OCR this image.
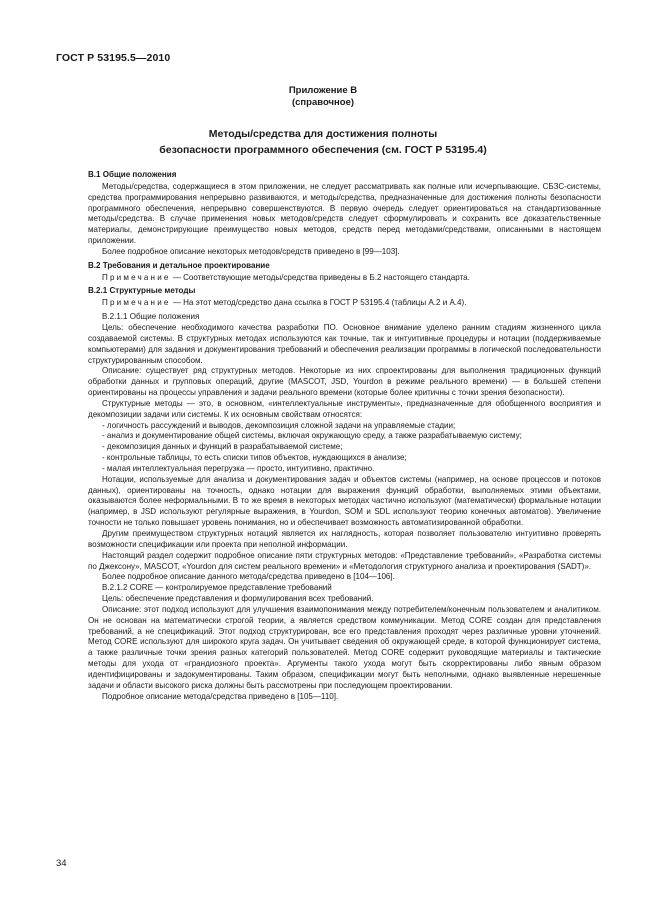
ГОСТ Р 53195.5—2010
Приложение В
(справочное)
Методы/средства для достижения полноты
безопасности программного обеспечения (см. ГОСТ Р 53195.4)

В.1 Общие положения

Методы/средства, содержащиеся в этом приложении, не следует рассматривать как полные или исчерпывающие. СБЗС-системы, средства программирования непрерывно развиваются, и методы/средства, предназначенные для достижения полноты безопасности программного обеспечения, непрерывно совершенствуются. В первую очередь следует ориентироваться на стандартизованные методы/средства. В случае применения новых методов/средств следует сформулировать и сохранить все доказательственные материалы, демонстрирующие преимущество новых методов, средств перед методами/средствами, описанными в настоящем приложении.

Более подробное описание некоторых методов/средств приведено в [99—103].

В.2 Требования и детальное проектирование

Примечание — Соответствующие методы/средства приведены в Б.2 настоящего стандарта.

В.2.1 Структурные методы

Примечание — На этот метод/средство дана ссылка в ГОСТ Р 53195.4 (таблицы А.2 и А.4).

В.2.1.1 Общие положения

Цель: обеспечение необходимого качества разработки ПО. Основное внимание уделено ранним стадиям жизненного цикла создаваемой системы. В структурных методах используются как точные, так и интуитивные процедуры и нотации (поддерживаемые компьютерами) для задания и документирования требований и обеспечения реализации программы в логической последовательности структурированным способом.

Описание: существует ряд структурных методов. Некоторые из них спроектированы для выполнения традиционных функций обработки данных и групповых операций, другие (MASCOT, JSD, Yourdon в режиме реального времени) — в большей степени ориентированы на процессы управления и задачи реального времени (которые более критичны с точки зрения безопасности).

Структурные методы — это, в основном, «интеллектуальные инструменты», предназначенные для обобщенного восприятия и декомпозиции задачи или системы. К их основным свойствам относятся:

- логичность рассуждений и выводов, декомпозиция сложной задачи на управляемые стадии;

- анализ и документирование общей системы, включая окружающую среду, а также разрабатываемую систему;

- декомпозиция данных и функций в разрабатываемой системе;

- контрольные таблицы, то есть списки типов объектов, нуждающихся в анализе;

- малая интеллектуальная перегрузка — просто, интуитивно, практично.

Нотации, используемые для анализа и документирования задач и объектов системы (например, на основе процессов и потоков данных), ориентированы на точность, однако нотации для выражения функций обработки, выполняемых этими объектами, оказываются более неформальными. В то же время в некоторых методах частично используют (математически) формальные нотации (например, в JSD используют регулярные выражения, в Yourdon, SOM и SDL используют теорию конечных автоматов). Увеличение точности не только повышает уровень понимания, но и обеспечивает возможность автоматизированной обработки.

Другим преимуществом структурных нотаций является их наглядность, которая позволяет пользователю интуитивно проверять возможности спецификации или проекта при неполной информации.

Настоящий раздел содержит подробное описание пяти структурных методов: «Представление требований», «Разработка системы по Джексону», MASCOT, «Yourdon для систем реального времени» и «Методология структурного анализа и проектирования (SADT)».

Более подробное описание данного метода/средства приведено в [104—106].

В.2.1.2 CORE — контролируемое представление требований

Цель: обеспечение представления и формулирования всех требований.

Описание: этот подход используют для улучшения взаимопонимания между потребителем/конечным пользователем и аналитиком. Он не основан на математически строгой теории, а является средством коммуникации. Метод CORE создан для представления требований, а не спецификаций. Этот подход структурирован, все его представления проходят через различные уровни уточнений. Метод CORE используют для широкого круга задач. Он учитывает сведения об окружающей среде, в которой функционирует система, а также различные точки зрения разных категорий пользователей. Метод CORE содержит руководящие материалы и тактические методы для ухода от «грандиозного проекта». Аргументы такого ухода могут быть скорректированы либо явным образом идентифицированы и задокументированы. Таким образом, спецификации могут быть неполными, однако выявленные нерешенные задачи и области высокого риска должны быть рассмотрены при последующем проектировании.

Подробное описание метода/средства приведено в [105—110].

34
